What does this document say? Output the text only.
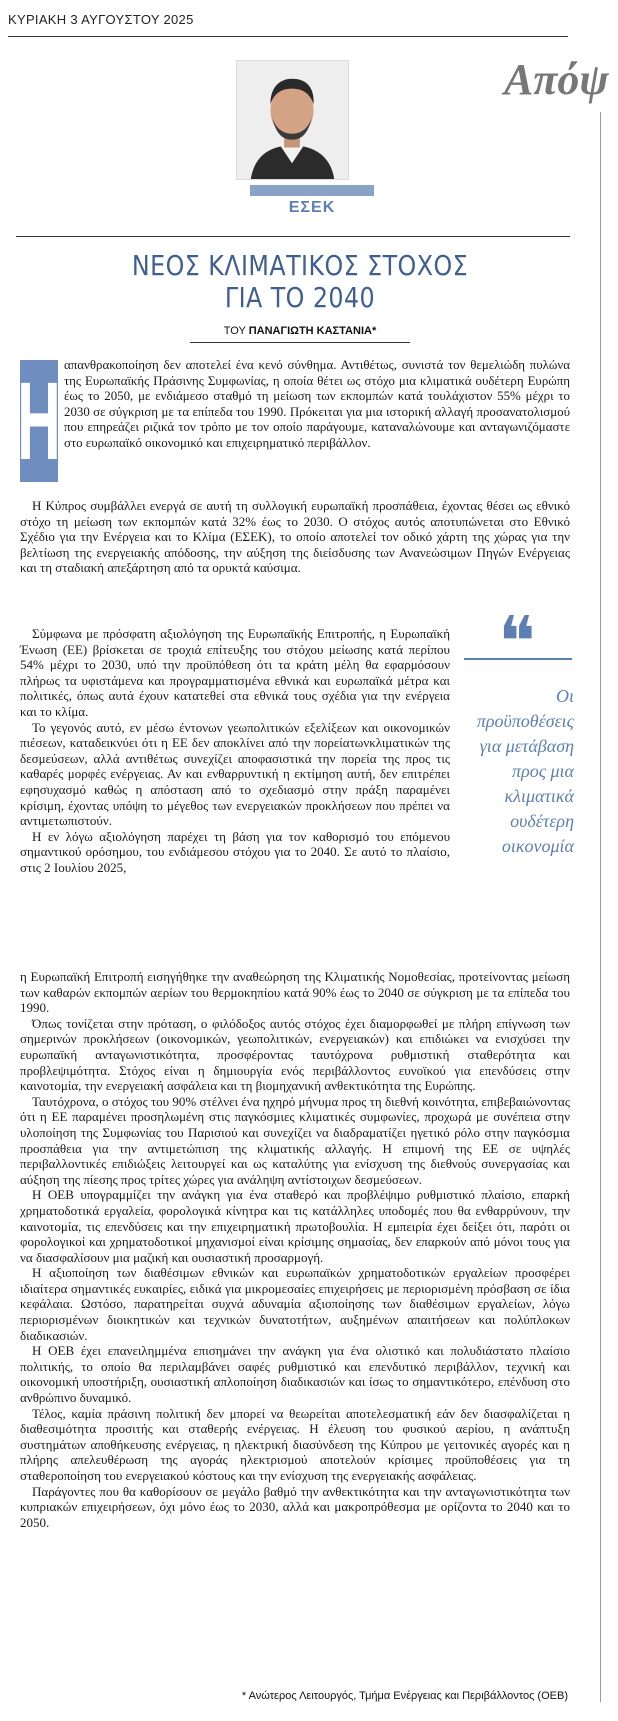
ΚΥΡΙΑΚΗ 3 ΑΥΓΟΥΣΤΟΥ 2025
Απόψ
ΕΣΕΚ
ΝΕΟΣ ΚΛΙΜΑΤΙΚΟΣ ΣΤΟΧΟΣ
ΓΙΑ ΤΟ 2040
ΤΟΥ ΠΑΝΑΓΙΩΤΗ ΚΑΣΤΑΝΙΑ*
Η απανθρακοποίηση δεν αποτελεί ένα κενό σύνθημα. Αντιθέτως, συνιστά τον θεμελιώδη πυλώνα της Ευρωπαϊκής Πράσινης Συμφωνίας, η οποία θέτει ως στόχο μια κλιματικά ουδέτερη Ευρώπη έως το 2050, με ενδιάμεσο σταθμό τη μείωση των εκπομπών κατά τουλάχιστον 55% μέχρι το 2030 σε σύγκριση με τα επίπεδα του 1990. Πρόκειται για μια ιστορική αλλαγή προσανατολισμού που επηρεάζει ριζικά τον τρόπο με τον οποίο παράγουμε, καταναλώνουμε και ανταγωνιζόμαστε στο ευρωπαϊκό οικονομικό και επιχειρηματικό περιβάλλον.

Η Κύπρος συμβάλλει ενεργά σε αυτή τη συλλογική ευρωπαϊκή προσπάθεια, έχοντας θέσει ως εθνικό στόχο τη μείωση των εκπομπών κατά 32% έως το 2030. Ο στόχος αυτός αποτυπώνεται στο Εθνικό Σχέδιο για την Ενέργεια και το Κλίμα (ΕΣΕΚ), το οποίο αποτελεί τον οδικό χάρτη της χώρας για την βελτίωση της ενεργειακής απόδοσης, την αύξηση της διείσδυσης των Ανανεώσιμων Πηγών Ενέργειας και τη σταδιακή απεξάρτηση από τα ορυκτά καύσιμα.

Σύμφωνα με πρόσφατη αξιολόγηση της Ευρωπαϊκής Επιτροπής, η Ευρωπαϊκή Ένωση (ΕΕ) βρίσκεται σε τροχιά επίτευξης του στόχου μείωσης κατά περίπου 54% μέχρι το 2030, υπό την προϋπόθεση ότι τα κράτη μέλη θα εφαρμόσουν πλήρως τα υφιστάμενα και προγραμματισμένα εθνικά και ευρωπαϊκά μέτρα και πολιτικές, όπως αυτά έχουν κατατεθεί στα εθνικά τους σχέδια για την ενέργεια και το κλίμα.

Το γεγονός αυτό, εν μέσω έντονων γεωπολιτικών εξελίξεων και οικονομικών πιέσεων, καταδεικνύει ότι η ΕΕ δεν αποκλίνει από την πορείατωνκλιματικών της δεσμεύσεων, αλλά αντιθέτως συνεχίζει αποφασιστικά την πορεία της προς τις καθαρές μορφές ενέργειας. Αν και ενθαρρυντική η εκτίμηση αυτή, δεν επιτρέπει εφησυχασμό καθώς η απόσταση από το σχεδιασμό στην πράξη παραμένει κρίσιμη, έχοντας υπόψη το μέγεθος των ενεργειακών προκλήσεων που πρέπει να αντιμετωπιστούν.

Η εν λόγω αξιολόγηση παρέχει τη βάση για τον καθορισμό του επόμενου σημαντικού ορόσημου, του ενδιάμεσου στόχου για το 2040. Σε αυτό το πλαίσιο, στις 2 Ιουλίου 2025,

❝
Οι
προϋποθέσεις
για μετάβαση
προς μια
κλιματικά
ουδέτερη
οικονομία

η Ευρωπαϊκή Επιτροπή εισηγήθηκε την αναθεώρηση της Κλιματικής Νομοθεσίας, προτείνοντας μείωση των καθαρών εκπομπών αερίων του θερμοκηπίου κατά 90% έως το 2040 σε σύγκριση με τα επίπεδα του 1990.

Όπως τονίζεται στην πρόταση, ο φιλόδοξος αυτός στόχος έχει διαμορφωθεί με πλήρη επίγνωση των σημερινών προκλήσεων (οικονομικών, γεωπολιτικών, ενεργειακών) και επιδιώκει να ενισχύσει την ευρωπαϊκή ανταγωνιστικότητα, προσφέροντας ταυτόχρονα ρυθμιστική σταθερότητα και προβλεψιμότητα. Στόχος είναι η δημιουργία ενός περιβάλλοντος ευνοϊκού για επενδύσεις στην καινοτομία, την ενεργειακή ασφάλεια και τη βιομηχανική ανθεκτικότητα της Ευρώπης.

Ταυτόχρονα, ο στόχος του 90% στέλνει ένα ηχηρό μήνυμα προς τη διεθνή κοινότητα, επιβεβαιώνοντας ότι η ΕΕ παραμένει προσηλωμένη στις παγκόσμιες κλιματικές συμφωνίες, προχωρά με συνέπεια στην υλοποίηση της Συμφωνίας του Παρισιού και συνεχίζει να διαδραματίζει ηγετικό ρόλο στην παγκόσμια προσπάθεια για την αντιμετώπιση της κλιματικής αλλαγής. Η επιμονή της ΕΕ σε υψηλές περιβαλλοντικές επιδιώξεις λειτουργεί και ως καταλύτης για ενίσχυση της διεθνούς συνεργασίας και αύξηση της πίεσης προς τρίτες χώρες για ανάληψη αντίστοιχων δεσμεύσεων.

Η ΟΕΒ υπογραμμίζει την ανάγκη για ένα σταθερό και προβλέψιμο ρυθμιστικό πλαίσιο, επαρκή χρηματοδοτικά εργαλεία, φορολογικά κίνητρα και τις κατάλληλες υποδομές που θα ενθαρρύνουν, την καινοτομία, τις επενδύσεις και την επιχειρηματική πρωτοβουλία. Η εμπειρία έχει δείξει ότι, παρότι οι φορολογικοί και χρηματοδοτικοί μηχανισμοί είναι κρίσιμης σημασίας, δεν επαρκούν από μόνοι τους για να διασφαλίσουν μια μαζική και ουσιαστική προσαρμογή.

Η αξιοποίηση των διαθέσιμων εθνικών και ευρωπαϊκών χρηματοδοτικών εργαλείων προσφέρει ιδιαίτερα σημαντικές ευκαιρίες, ειδικά για μικρομεσαίες επιχειρήσεις με περιορισμένη πρόσβαση σε ίδια κεφάλαια. Ωστόσο, παρατηρείται συχνά αδυναμία αξιοποίησης των διαθέσιμων εργαλείων, λόγω περιορισμένων διοικητικών και τεχνικών δυνατοτήτων, αυξημένων απαιτήσεων και πολύπλοκων διαδικασιών.

Η ΟΕΒ έχει επανειλημμένα επισημάνει την ανάγκη για ένα ολιστικό και πολυδιάστατο πλαίσιο πολιτικής, το οποίο θα περιλαμβάνει σαφές ρυθμιστικό και επενδυτικό περιβάλλον, τεχνική και οικονομική υποστήριξη, ουσιαστική απλοποίηση διαδικασιών και ίσως το σημαντικότερο, επένδυση στο ανθρώπινο δυναμικό.

Τέλος, καμία πράσινη πολιτική δεν μπορεί να θεωρείται αποτελεσματική εάν δεν διασφαλίζεται η διαθεσιμότητα προσιτής και σταθερής ενέργειας. Η έλευση του φυσικού αερίου, η ανάπτυξη συστημάτων αποθήκευσης ενέργειας, η ηλεκτρική διασύνδεση της Κύπρου με γειτονικές αγορές και η πλήρης απελευθέρωση της αγοράς ηλεκτρισμού αποτελούν κρίσιμες προϋποθέσεις για τη σταθεροποίηση του ενεργειακού κόστους και την ενίσχυση της ενεργειακής ασφάλειας.

Παράγοντες που θα καθορίσουν σε μεγάλο βαθμό την ανθεκτικότητα και την ανταγωνιστικότητα των κυπριακών επιχειρήσεων, όχι μόνο έως το 2030, αλλά και μακροπρόθεσμα με ορίζοντα το 2040 και το 2050.

* Ανώτερος Λειτουργός, Τμήμα Ενέργειας και Περιβάλλοντος (ΟΕΒ)
